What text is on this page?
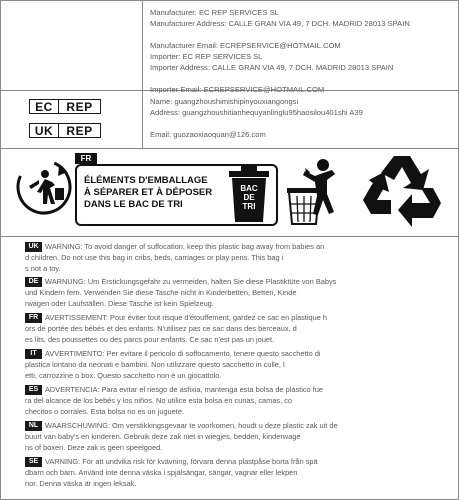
Manufacturer: EC REP SERVICES SL
Manufacturer Address: CALLE GRAN VIA 49, 7 DCH. MADRID 28013 SPAIN
Manufacturer Email: ECREPSERVICE@HOTMAIL.COM
Importer: EC REP SERVICES SL
Importer Address: CALLE GRAN VIA 49, 7 DCH. MADRID 28013 SPAIN
Importer Email: ECREPSERVICE@HOTMAIL.COM
EC	REP
UK	REP
Name: guangzhoushimishipinyouxiangongsi
Address: guangzhoushitianhequyanlinglu95haosilou401shi A39
Email: guozaoxiaoquan@126.com
FR
ÉLÉMENTS D'EMBALLAGE
À SÉPARER ET À DÉPOSER
DANS LE BAC DE TRI
BAC
DE
TRI
UK WARNING: To avoid danger of suffocation, keep this plastic bag away from babies an
d children. Do not use this bag in cribs, beds, carriages or play pens. This bag i
s not a toy.
DE WARNUNG: Um Erstickungsgefahr zu vermeiden, halten Sie diese Plastiktüte von Babys
und Kindern fern. Verwenden Sie diese Tasche nicht in Kinderbetten, Betten, Kinde
rwagen oder Laufställen. Diese Tasche ist kein Spielzeug.
FR AVERTISSEMENT: Pour éviter tout risque d'étouffement, gardez ce sac en plastique h
ors de portée des bébés et des enfants. N'utilisez pas ce sac dans des berceaux, d
es lits, des poussettes ou des parcs pour enfants. Ce sac n'est pas un jouet.
IT	AVVERTIMENTO: Per evitare il pericolo di soffocamento, tenere questo sacchetto di
plastica lontano da neonati e bambini. Non utilizzare questo sacchetto in culle, l
etti, carrozzine o box. Questo sacchetto non è un giocattolo.
ES ADVERTENCIA: Para evitar el riesgo de asfixia, mantenga esta bolsa de plástico fue
ra del alcance de los bebés y los niños. No utilice esta bolsa en cunas, camas, co
checitos o corrales. Esta bolsa no es un juguete.
NL WAARSCHUWING: Om verstikkingsgevaar te voorkomen, houdt u deze plastic zak uit de
buurt van baby's en kinderen. Gebruik deze zak niet in wiegjes, bedden, kinderwage
ns of boxen. Deze zak is geen speelgoed.
SE VARNING: För att undvika risk för kvävning, förvara denna plastpåse borta från spä
dbarn och barn. Använd inte denna väska i spjälsängar, sängar, vagnar eller lekpen
nor. Denna väska är ingen leksak.
